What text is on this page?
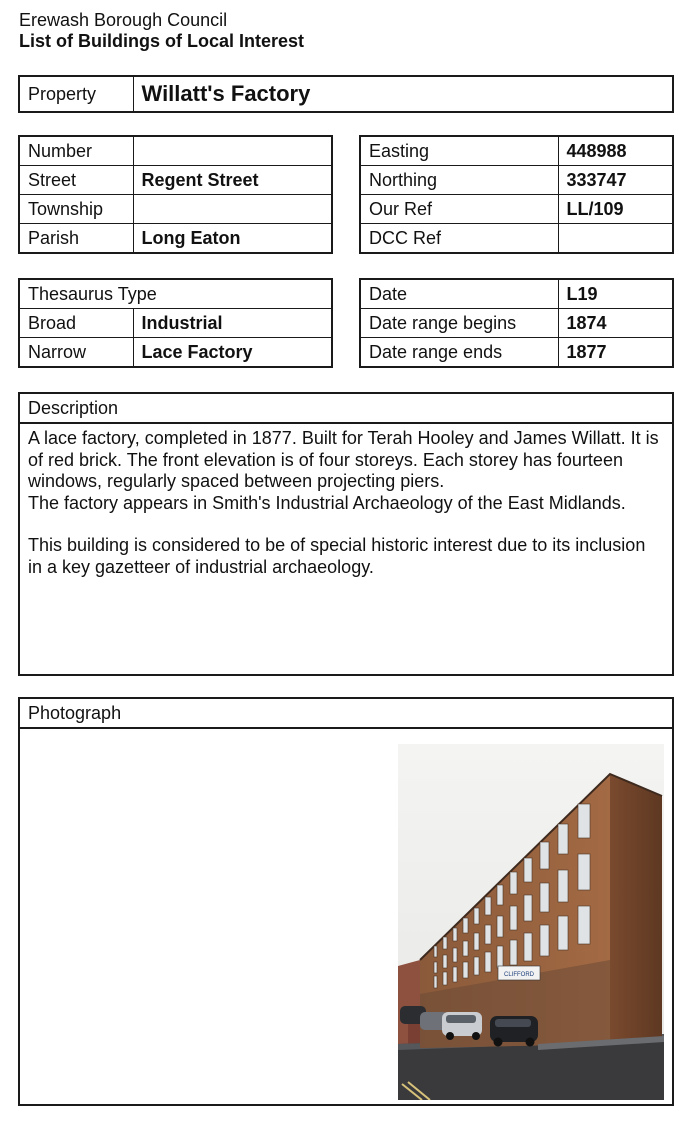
Erewash Borough Council
List of Buildings of Local Interest
Property	Willatt's Factory
Number	
Street	Regent Street
Township	
Parish	Long Eaton
Easting	448988
Northing	333747
Our Ref	LL/109
DCC Ref	
Thesaurus Type	
Broad	Industrial
Narrow	Lace Factory
Date	L19
Date range begins	1874
Date range ends	1877
Description

A lace factory, completed in 1877. Built for Terah Hooley and James Willatt. It is of red brick. The front elevation is of four storeys. Each storey has fourteen windows, regularly spaced between projecting piers.

The factory appears in Smith's Industrial Archaeology of the East Midlands.

This building is considered to be of special historic interest due to its inclusion in a key gazetteer of industrial archaeology.

Photograph
CLIFFORD
